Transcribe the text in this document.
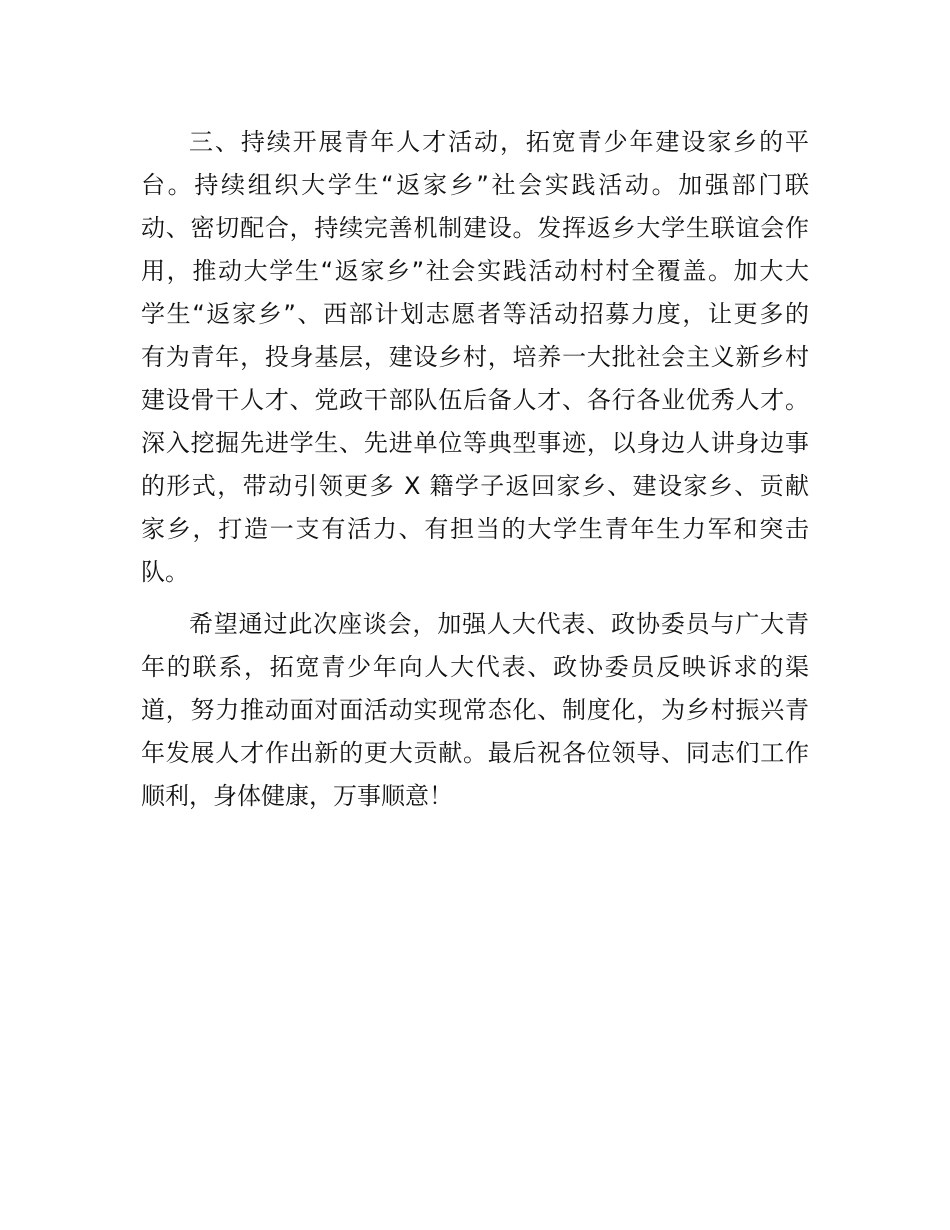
三、持续开展青年人才活动，拓宽青少年建设家乡的平
台。持续组织大学生“返家乡”社会实践活动。加强部门联
动、密切配合，持续完善机制建设。发挥返乡大学生联谊会作
用，推动大学生“返家乡”社会实践活动村村全覆盖。加大大
学生“返家乡”、西部计划志愿者等活动招募力度，让更多的
有为青年，投身基层，建设乡村，培养一大批社会主义新乡村
建设骨干人才、党政干部队伍后备人才、各行各业优秀人才。
深入挖掘先进学生、先进单位等典型事迹，以身边人讲身边事
的形式，带动引领更多 X 籍学子返回家乡、建设家乡、贡献
家乡，打造一支有活力、有担当的大学生青年生力军和突击
队。
希望通过此次座谈会，加强人大代表、政协委员与广大青
年的联系，拓宽青少年向人大代表、政协委员反映诉求的渠
道，努力推动面对面活动实现常态化、制度化，为乡村振兴青
年发展人才作出新的更大贡献。最后祝各位领导、同志们工作
顺利，身体健康，万事顺意！
